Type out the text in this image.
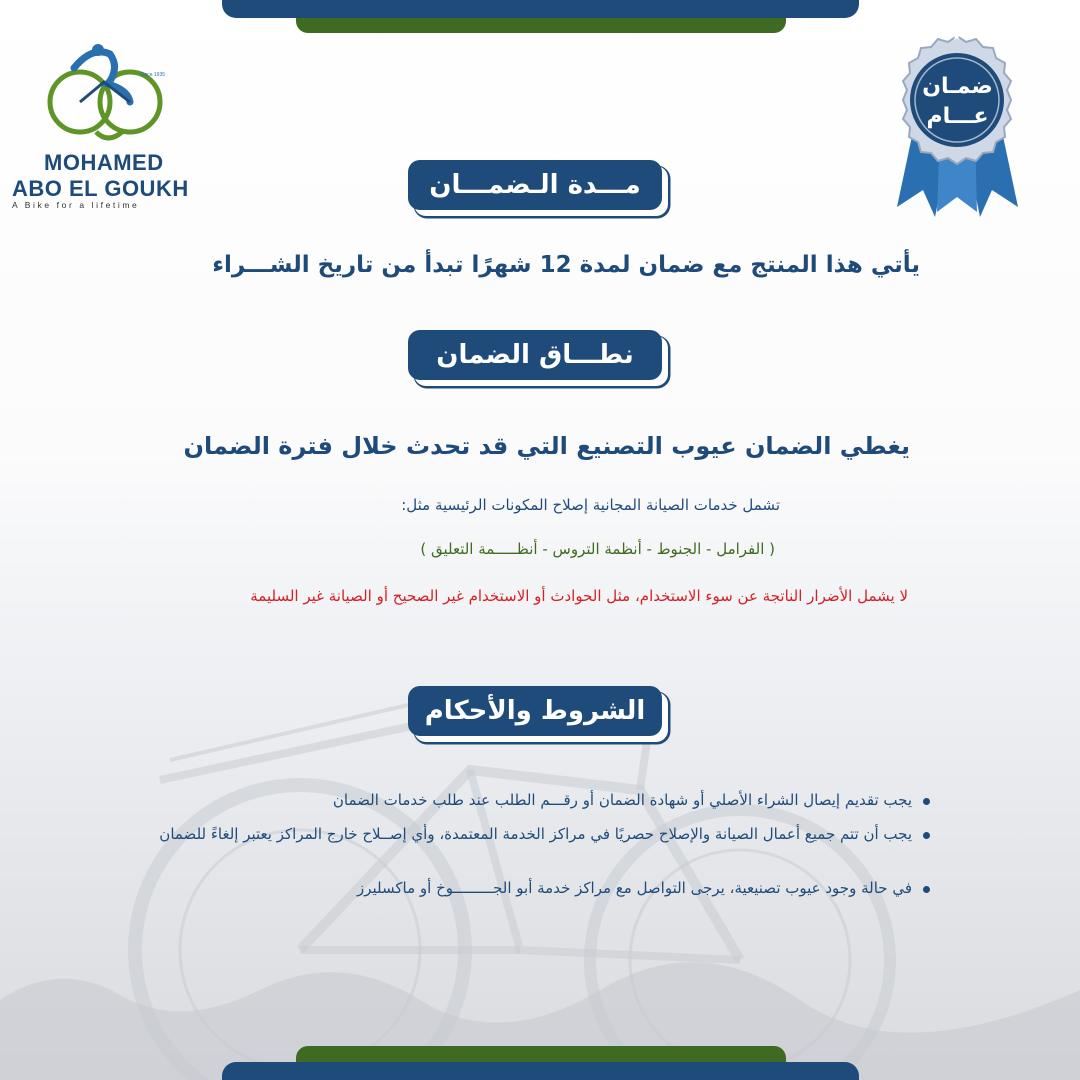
Since 1935
MOHAMED
ABO EL GOUKH
A Bike for a lifetime
★★★
ضمـان
عـــام
مـــدة الـضمـــان
يأتي هذا المنتج مع ضمان لمدة 12 شهرًا تبدأ من تاريخ الشـــراء
نطـــاق الضمان
يغطي الضمان عيوب التصنيع التي قد تحدث خلال فترة الضمان
تشمل خدمات الصيانة المجانية إصلاح المكونات الرئيسية مثل:
( الفرامل - الجنوط - أنظمة التروس - أنظـــــمة التعليق )
لا يشمل الأضرار الناتجة عن سوء الاستخدام، مثل الحوادث أو الاستخدام غير الصحيح أو الصيانة غير السليمة
الشروط والأحكام
يجب تقديم إيصال الشراء الأصلي أو شهادة الضمان أو رقـــم الطلب عند طلب خدمات الضمان
يجب أن تتم جميع أعمال الصيانة والإصلاح حصريًا في مراكز الخدمة المعتمدة، وأي إصــلاح خارج المراكز يعتبر إلغاءً للضمان
في حالة وجود عيوب تصنيعية، يرجى التواصل مع مراكز خدمة أبو الجـــــــــوخ أو ماكسليرز
